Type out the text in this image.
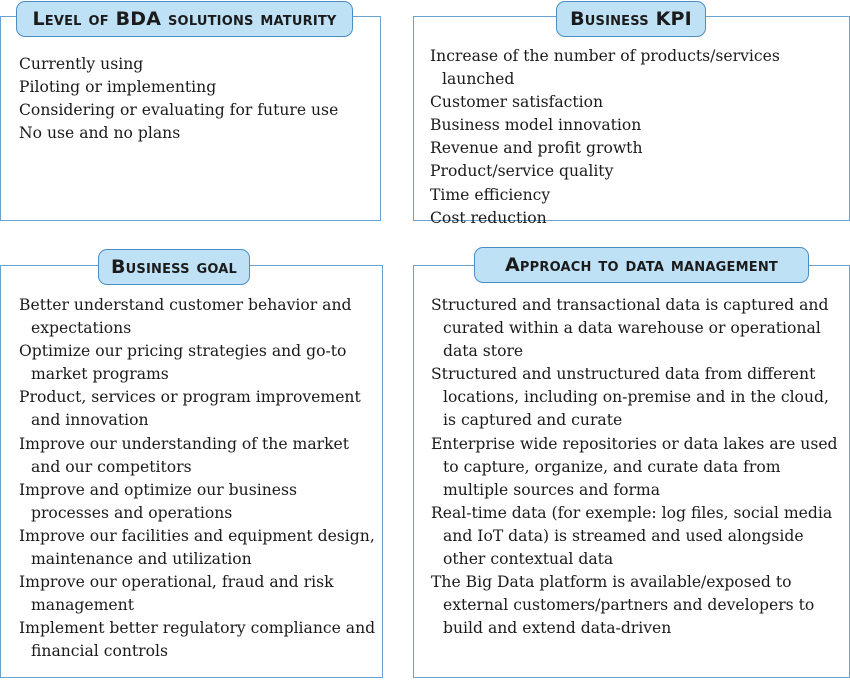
Currently using
Piloting or implementing
Considering or evaluating for future use
No use and no plans
Level of BDA solutions maturity
Increase of the number of products/services launched
Customer satisfaction
Business model innovation
Revenue and profit growth
Product/service quality
Time efficiency
Cost reduction
Business KPI
Better understand customer behavior and expectations
Optimize our pricing strategies and go-to market programs
Product, services or program improvement and innovation
Improve our understanding of the market and our competitors
Improve and optimize our business processes and operations
Improve our facilities and equipment design, maintenance and utilization
Improve our operational, fraud and risk management
Implement better regulatory compliance and financial controls
Business goal
Structured and transactional data is captured and curated within a data warehouse or operational data store
Structured and unstructured data from different locations, including on-premise and in the cloud, is captured and curate
Enterprise wide repositories or data lakes are used to capture, organize, and curate data from multiple sources and forma
Real-time data (for exemple: log files, social media and IoT data) is streamed and used alongside other contextual data
The Big Data platform is available/exposed to external customers/partners and developers to build and extend data-driven
Approach to data management
